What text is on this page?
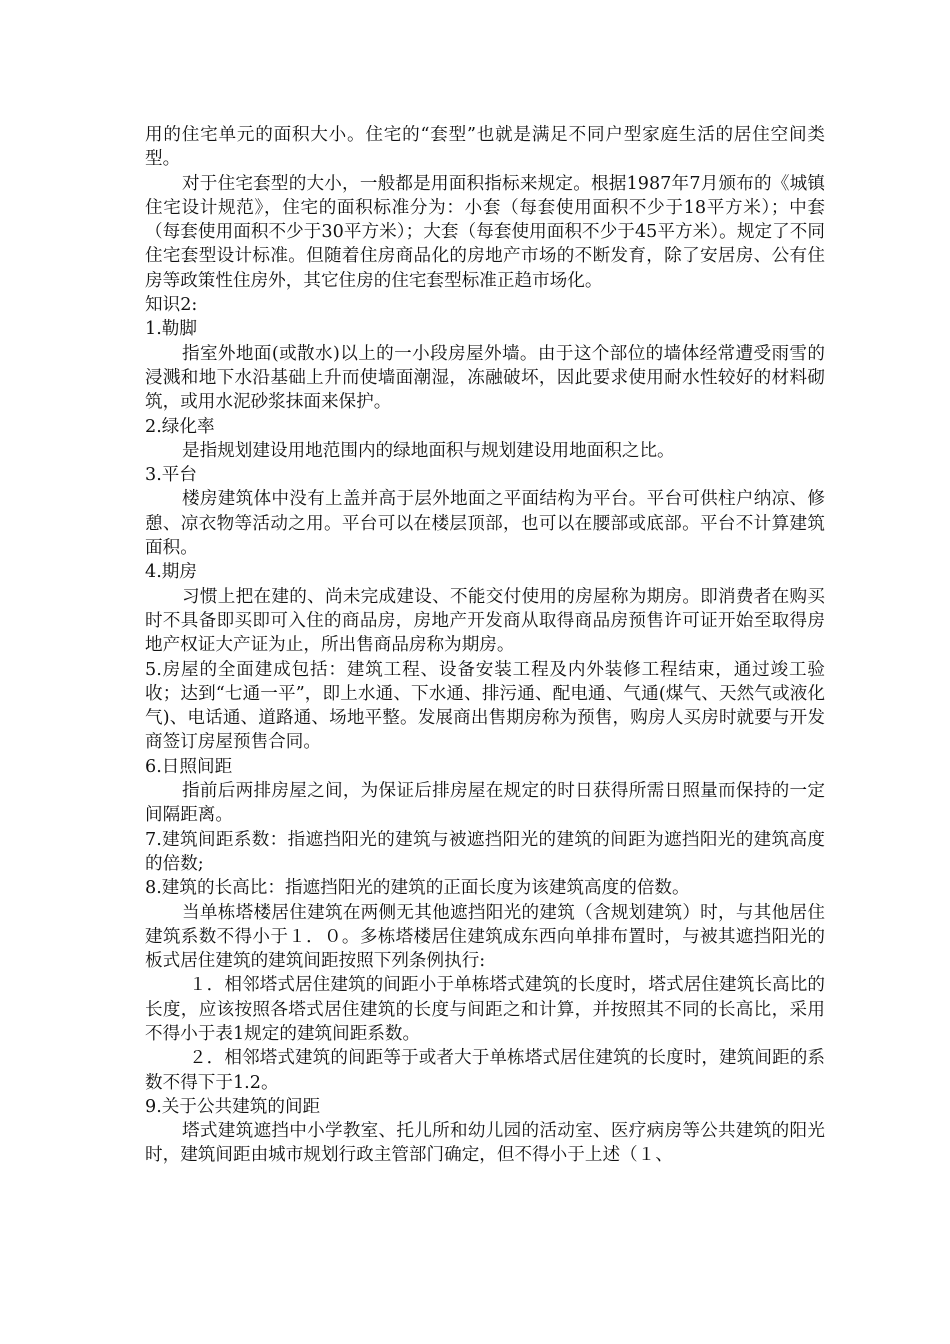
用的住宅单元的面积大小。住宅的“套型”也就是满足不同户型家庭生活的居住空间类型。

对于住宅套型的大小，一般都是用面积指标来规定。根据1987年7月颁布的《城镇住宅设计规范》，住宅的面积标准分为：小套（每套使用面积不少于18平方米）；中套（每套使用面积不少于30平方米）；大套（每套使用面积不少于45平方米）。规定了不同住宅套型设计标准。但随着住房商品化的房地产市场的不断发育，除了安居房、公有住房等政策性住房外，其它住房的住宅套型标准正趋市场化。

知识2:

1.勒脚

指室外地面(或散水)以上的一小段房屋外墙。由于这个部位的墙体经常遭受雨雪的浸溅和地下水沿基础上升而使墙面潮湿，冻融破坏，因此要求使用耐水性较好的材料砌筑，或用水泥砂浆抹面来保护。

2.绿化率

是指规划建设用地范围内的绿地面积与规划建设用地面积之比。

3.平台

楼房建筑体中没有上盖并高于层外地面之平面结构为平台。平台可供柱户纳凉、修憩、凉衣物等活动之用。平台可以在楼层顶部，也可以在腰部或底部。平台不计算建筑面积。

4.期房

习惯上把在建的、尚未完成建设、不能交付使用的房屋称为期房。即消费者在购买时不具备即买即可入住的商品房，房地产开发商从取得商品房预售许可证开始至取得房地产权证大产证为止，所出售商品房称为期房。

5.房屋的全面建成包括：建筑工程、设备安装工程及内外装修工程结束，通过竣工验收；达到“七通一平”，即上水通、下水通、排污通、配电通、气通(煤气、天然气或液化气)、电话通、道路通、场地平整。发展商出售期房称为预售，购房人买房时就要与开发商签订房屋预售合同。

6.日照间距

指前后两排房屋之间，为保证后排房屋在规定的时日获得所需日照量而保持的一定间隔距离。

7.建筑间距系数：指遮挡阳光的建筑与被遮挡阳光的建筑的间距为遮挡阳光的建筑高度的倍数;

8.建筑的长高比：指遮挡阳光的建筑的正面长度为该建筑高度的倍数。

当单栋塔楼居住建筑在两侧无其他遮挡阳光的建筑（含规划建筑）时，与其他居住建筑系数不得小于１．０。多栋塔楼居住建筑成东西向单排布置时，与被其遮挡阳光的板式居住建筑的建筑间距按照下列条例执行:

１．相邻塔式居住建筑的间距小于单栋塔式建筑的长度时，塔式居住建筑长高比的长度，应该按照各塔式居住建筑的长度与间距之和计算，并按照其不同的长高比，采用不得小于表1规定的建筑间距系数。

２．相邻塔式建筑的间距等于或者大于单栋塔式居住建筑的长度时，建筑间距的系数不得下于1.2。

9.关于公共建筑的间距

塔式建筑遮挡中小学教室、托儿所和幼儿园的活动室、医疗病房等公共建筑的阳光时，建筑间距由城市规划行政主管部门确定，但不得小于上述（１、
